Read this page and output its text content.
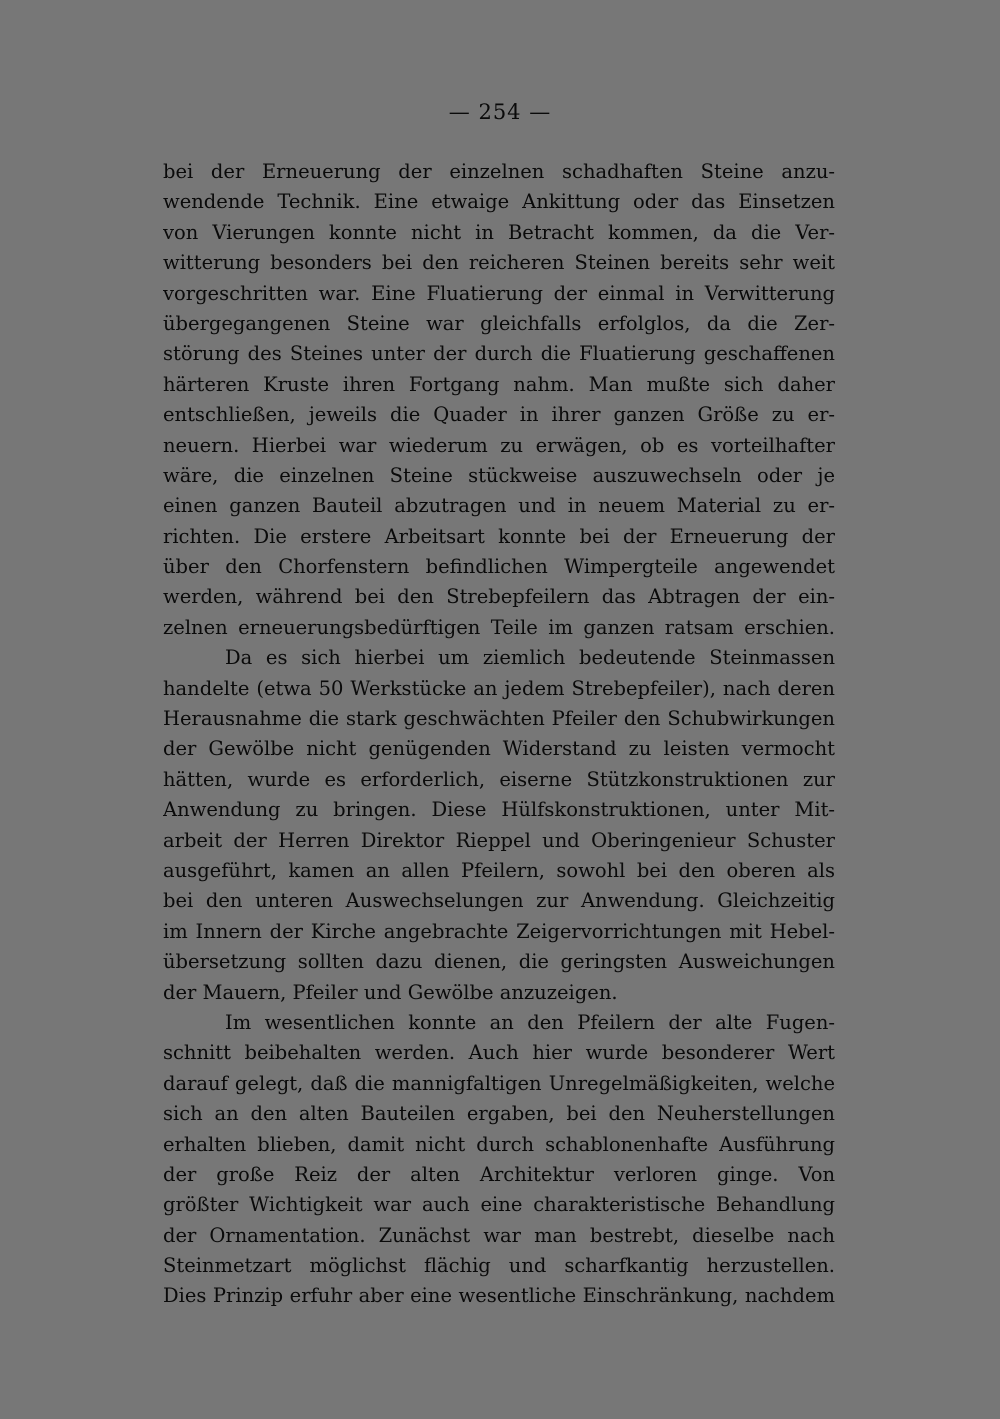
— 254 —
bei der Erneuerung der einzelnen schadhaften Steine anzu-
wendende Technik. Eine etwaige Ankittung oder das Einsetzen
von Vierungen konnte nicht in Betracht kommen, da die Ver-
witterung besonders bei den reicheren Steinen bereits sehr weit
vorgeschritten war. Eine Fluatierung der einmal in Verwitterung
übergegangenen Steine war gleichfalls erfolglos, da die Zer-
störung des Steines unter der durch die Fluatierung geschaffenen
härteren Kruste ihren Fortgang nahm. Man mußte sich daher
entschließen, jeweils die Quader in ihrer ganzen Größe zu er-
neuern. Hierbei war wiederum zu erwägen, ob es vorteilhafter
wäre, die einzelnen Steine stückweise auszuwechseln oder je
einen ganzen Bauteil abzutragen und in neuem Material zu er-
richten. Die erstere Arbeitsart konnte bei der Erneuerung der
über den Chorfenstern befindlichen Wimpergteile angewendet
werden, während bei den Strebepfeilern das Abtragen der ein-
zelnen erneuerungsbedürftigen Teile im ganzen ratsam erschien.
Da es sich hierbei um ziemlich bedeutende Steinmassen
handelte (etwa 50 Werkstücke an jedem Strebepfeiler), nach deren
Herausnahme die stark geschwächten Pfeiler den Schubwirkungen
der Gewölbe nicht genügenden Widerstand zu leisten vermocht
hätten, wurde es erforderlich, eiserne Stützkonstruktionen zur
Anwendung zu bringen. Diese Hülfskonstruktionen, unter Mit-
arbeit der Herren Direktor Rieppel und Oberingenieur Schuster
ausgeführt, kamen an allen Pfeilern, sowohl bei den oberen als
bei den unteren Auswechselungen zur Anwendung. Gleichzeitig
im Innern der Kirche angebrachte Zeigervorrichtungen mit Hebel-
übersetzung sollten dazu dienen, die geringsten Ausweichungen
der Mauern, Pfeiler und Gewölbe anzuzeigen.
Im wesentlichen konnte an den Pfeilern der alte Fugen-
schnitt beibehalten werden. Auch hier wurde besonderer Wert
darauf gelegt, daß die mannigfaltigen Unregelmäßigkeiten, welche
sich an den alten Bauteilen ergaben, bei den Neuherstellungen
erhalten blieben, damit nicht durch schablonenhafte Ausführung
der große Reiz der alten Architektur verloren ginge. Von
größter Wichtigkeit war auch eine charakteristische Behandlung
der Ornamentation. Zunächst war man bestrebt, dieselbe nach
Steinmetzart möglichst flächig und scharfkantig herzustellen.
Dies Prinzip erfuhr aber eine wesentliche Einschränkung, nachdem
